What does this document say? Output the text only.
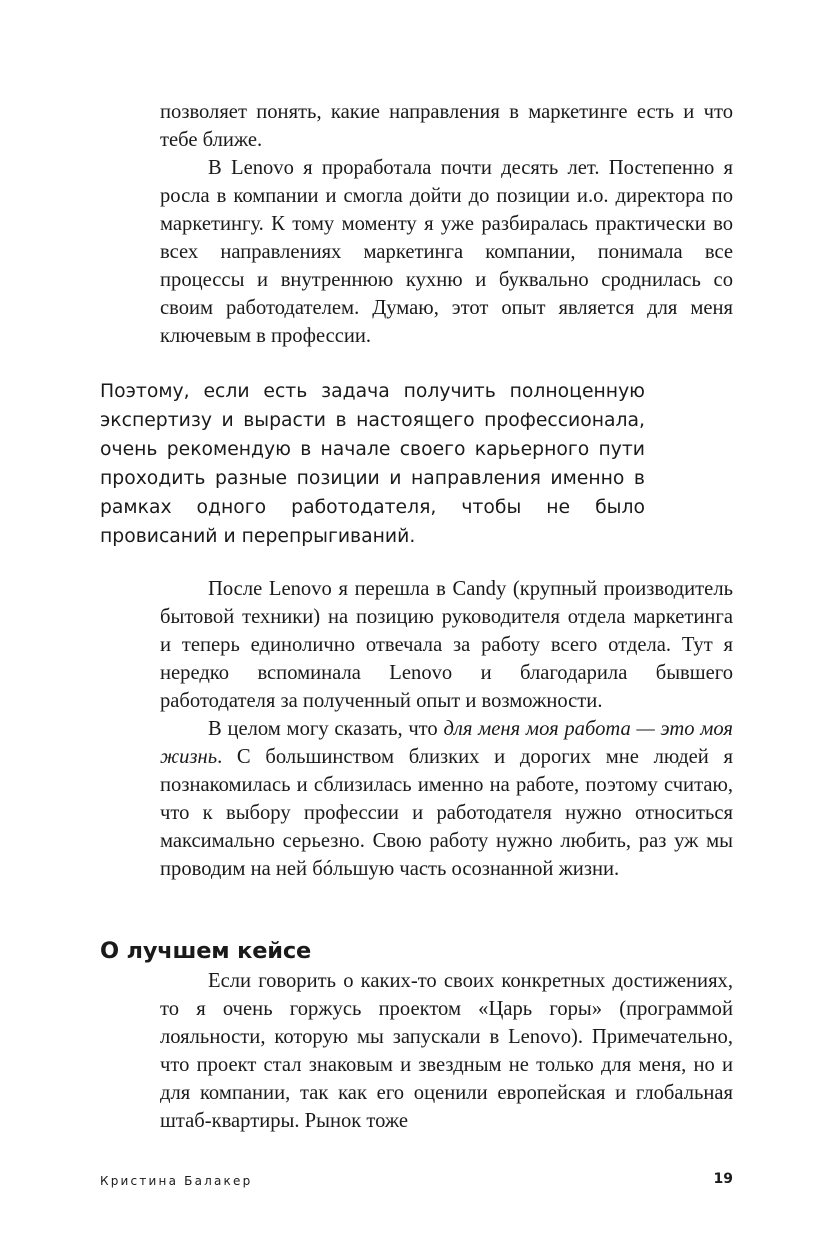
позволяет понять, какие направления в маркетинге есть и что тебе ближе.

В Lenovo я проработала почти десять лет. Постепенно я росла в компании и смогла дойти до позиции и.о. директора по маркетингу. К тому моменту я уже разбиралась практически во всех направлениях маркетинга компании, понимала все процессы и внутреннюю кухню и буквально сроднилась со своим работодателем. Думаю, этот опыт является для меня ключевым в профессии.

Поэтому, если есть задача получить полноценную экспертизу и вырасти в настоящего профессионала, очень рекомендую в начале своего карьерного пути проходить разные позиции и направления именно в рамках одного работодателя, чтобы не было провисаний и перепрыгиваний.

После Lenovo я перешла в Candy (крупный производитель бытовой техники) на позицию руководителя отдела маркетинга и теперь единолично отвечала за работу всего отдела. Тут я нередко вспоминала Lenovo и благодарила бывшего работодателя за полученный опыт и возможности.

В целом могу сказать, что для меня моя работа — это моя жизнь. С большинством близких и дорогих мне людей я познакомилась и сблизилась именно на работе, поэтому считаю, что к выбору профессии и работодателя нужно относиться максимально серьезно. Свою работу нужно любить, раз уж мы проводим на ней бóльшую часть осознанной жизни.

О лучшем кейсе

Если говорить о каких-то своих конкретных достижениях, то я очень горжусь проектом «Царь горы» (программой лояльности, которую мы запускали в Lenovo). Примечательно, что проект стал знаковым и звездным не только для меня, но и для компании, так как его оценили европейская и глобальная штаб-квартиры. Рынок тоже

Кристина Балакер	19
